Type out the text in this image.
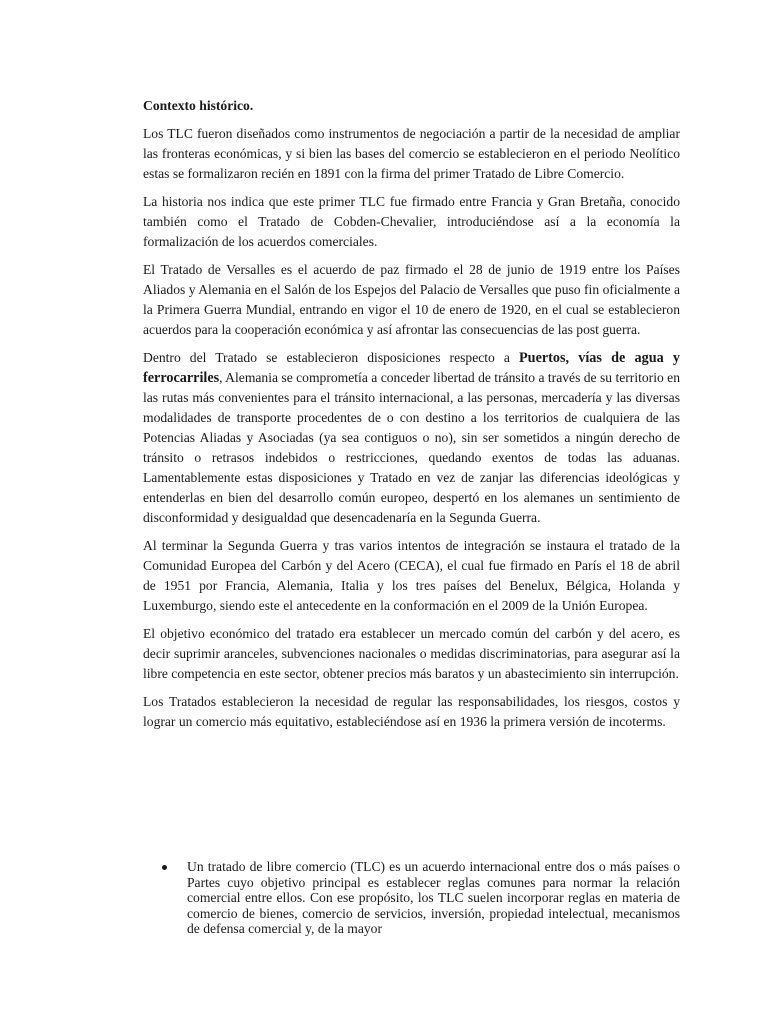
Contexto histórico.

Los TLC fueron diseñados como instrumentos de negociación a partir de la necesidad de ampliar las fronteras económicas, y si bien las bases del comercio se establecieron en el periodo Neolítico estas se formalizaron recién en 1891 con la firma del primer Tratado de Libre Comercio.

La historia nos indica que este primer TLC fue firmado entre Francia y Gran Bretaña, conocido también como el Tratado de Cobden-Chevalier, introduciéndose así a la economía la formalización de los acuerdos comerciales.

El Tratado de Versalles es el acuerdo de paz firmado el 28 de junio de 1919 entre los Países Aliados y Alemania en el Salón de los Espejos del Palacio de Versalles que puso fin oficialmente a la Primera Guerra Mundial, entrando en vigor el 10 de enero de 1920, en el cual se establecieron acuerdos para la cooperación económica y así afrontar las consecuencias de las post guerra.

Dentro del Tratado se establecieron disposiciones respecto a Puertos, vías de agua y ferrocarriles, Alemania se comprometía a conceder libertad de tránsito a través de su territorio en las rutas más convenientes para el tránsito internacional, a las personas, mercadería y las diversas modalidades de transporte procedentes de o con destino a los territorios de cualquiera de las Potencias Aliadas y Asociadas (ya sea contiguos o no), sin ser sometidos a ningún derecho de tránsito o retrasos indebidos o restricciones, quedando exentos de todas las aduanas. Lamentablemente estas disposiciones y Tratado en vez de zanjar las diferencias ideológicas y entenderlas en bien del desarrollo común europeo, despertó en los alemanes un sentimiento de disconformidad y desigualdad que desencadenaría en la Segunda Guerra.

Al terminar la Segunda Guerra y tras varios intentos de integración se instaura el tratado de la Comunidad Europea del Carbón y del Acero (CECA), el cual fue firmado en París el 18 de abril de 1951 por Francia, Alemania, Italia y los tres países del Benelux, Bélgica, Holanda y Luxemburgo, siendo este el antecedente en la conformación en el 2009 de la Unión Europea.

El objetivo económico del tratado era establecer un mercado común del carbón y del acero, es decir suprimir aranceles, subvenciones nacionales o medidas discriminatorias, para asegurar así la libre competencia en este sector, obtener precios más baratos y un abastecimiento sin interrupción.

Los Tratados establecieron la necesidad de regular las responsabilidades, los riesgos, costos y lograr un comercio más equitativo, estableciéndose así en 1936 la primera versión de incoterms.

Un tratado de libre comercio (TLC) es un acuerdo internacional entre dos o más países o Partes cuyo objetivo principal es establecer reglas comunes para normar la relación comercial entre ellos. Con ese propósito, los TLC suelen incorporar reglas en materia de comercio de bienes, comercio de servicios, inversión, propiedad intelectual, mecanismos de defensa comercial y, de la mayor
